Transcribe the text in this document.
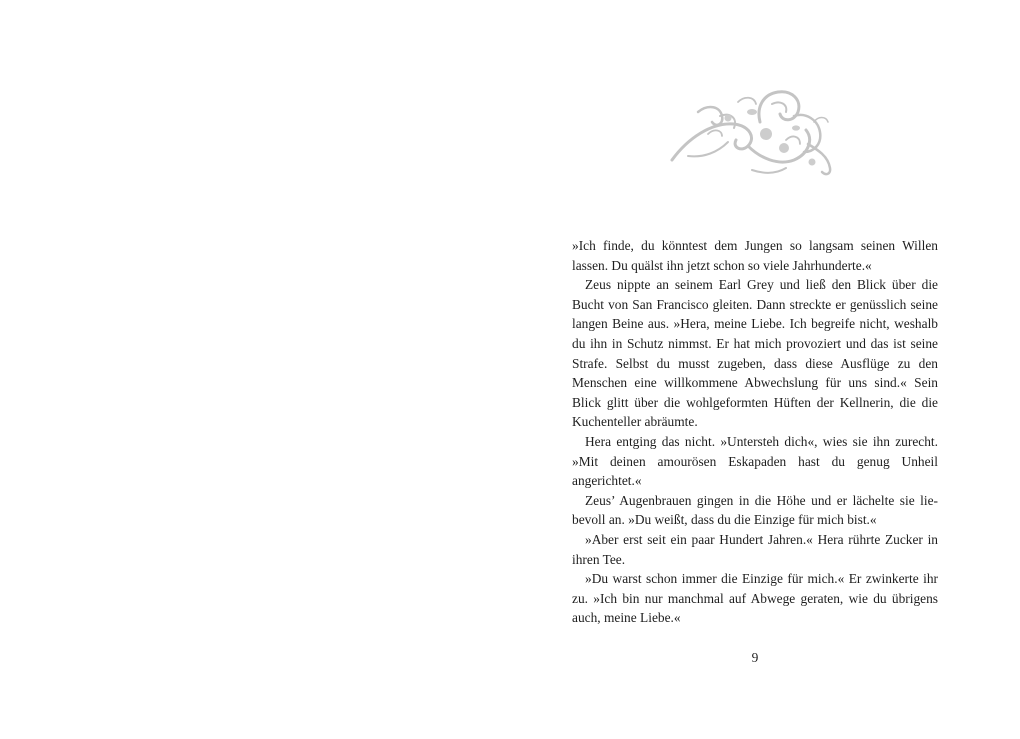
»Ich finde, du könntest dem Jungen so langsam seinen Willen lassen. Du quälst ihn jetzt schon so viele Jahrhunderte.«

Zeus nippte an seinem Earl Grey und ließ den Blick über die Bucht von San Francisco gleiten. Dann streckte er genüsslich seine langen Beine aus. »Hera, meine Liebe. Ich begreife nicht, weshalb du ihn in Schutz nimmst. Er hat mich provoziert und das ist seine Strafe. Selbst du musst zugeben, dass diese Ausflüge zu den Menschen eine willkommene Abwechslung für uns sind.« Sein Blick glitt über die wohlgeformten Hüften der Kellnerin, die die Kuchenteller abräumte.

Hera entging das nicht. »Untersteh dich«, wies sie ihn zurecht. »Mit deinen amourösen Eskapaden hast du genug Unheil angerichtet.«

Zeus’ Augenbrauen gingen in die Höhe und er lächelte sie liebevoll an. »Du weißt, dass du die Einzige für mich bist.«

»Aber erst seit ein paar Hundert Jahren.« Hera rührte Zucker in ihren Tee.

»Du warst schon immer die Einzige für mich.« Er zwinkerte ihr zu. »Ich bin nur manchmal auf Abwege geraten, wie du übrigens auch, meine Liebe.«

9
